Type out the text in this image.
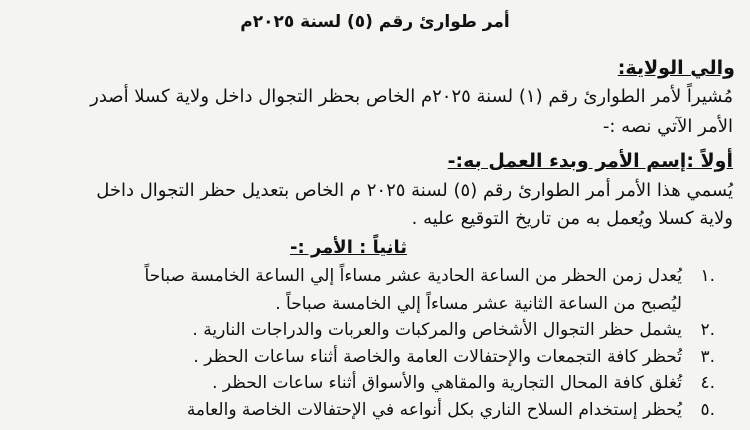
أمر طوارئ رقم (٥) لسنة ٢٠٢٥م
والي الولاية:
مُشيراً لأمر الطوارئ رقم (١) لسنة ٢٠٢٥م الخاص بحظر التجوال داخل ولاية كسلا أصدر
الأمر الآتي نصه :-
أولاً :إسم الأمر وبدء العمل به:-
يُسمي هذا الأمر أمر الطوارئ رقم (٥) لسنة ٢٠٢٥ م الخاص بتعديل حظر التجوال داخل
ولاية كسلا ويُعمل به من تاريخ التوقيع عليه .
ثانياً : الأمر :-
.١
يُعدل زمن الحظر من الساعة الحادية عشر مساءاً إلي الساعة الخامسة صباحاً
ليُصبح من الساعة الثانية عشر مساءاً إلي الخامسة صباحاً .
.٢
يشمل حظر التجوال الأشخاص والمركبات والعربات والدراجات النارية .
.٣
تُحظر كافة التجمعات والإحتفالات العامة والخاصة أثناء ساعات الحظر .
.٤
تُغلق كافة المحال التجارية والمقاهي والأسواق أثناء ساعات الحظر .
.٥
يُحظر إستخدام السلاح الناري بكل أنواعه في الإحتفالات الخاصة والعامة
